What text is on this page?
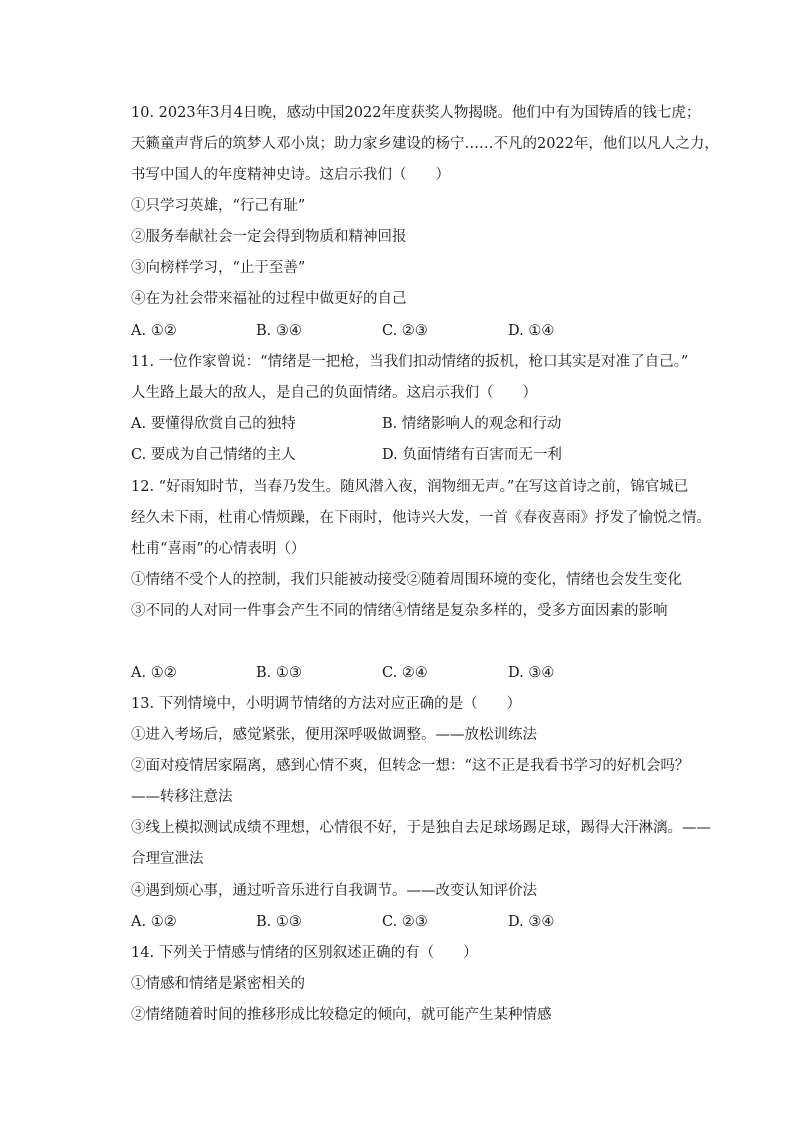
10. 2023年3月4日晚，感动中国2022年度获奖人物揭晓。他们中有为国铸盾的钱七虎；
天籁童声背后的筑梦人邓小岚；助力家乡建设的杨宁……不凡的2022年，他们以凡人之力，
书写中国人的年度精神史诗。这启示我们（　　）
①只学习英雄，“行己有耻”
②服务奉献社会一定会得到物质和精神回报
③向榜样学习，“止于至善”
④在为社会带来福祉的过程中做更好的自己
A. ①②	B. ③④	C. ②③	D. ①④
11. 一位作家曾说：“情绪是一把枪，当我们扣动情绪的扳机，枪口其实是对准了自己。”
人生路上最大的敌人，是自己的负面情绪。这启示我们（　　）
A. 要懂得欣赏自己的独特	B. 情绪影响人的观念和行动
C. 要成为自己情绪的主人	D. 负面情绪有百害而无一利
12. “好雨知时节，当春乃发生。随风潜入夜，润物细无声。”在写这首诗之前，锦官城已
经久未下雨，杜甫心情烦躁，在下雨时，他诗兴大发，一首《春夜喜雨》抒发了愉悦之情。
杜甫“喜雨”的心情表明（）
①情绪不受个人的控制，我们只能被动接受②随着周围环境的变化，情绪也会发生变化
③不同的人对同一件事会产生不同的情绪④情绪是复杂多样的，受多方面因素的影响
A. ①②	B. ①③	C. ②④	D. ③④
13. 下列情境中，小明调节情绪的方法对应正确的是（　　）
①进入考场后，感觉紧张，便用深呼吸做调整。——放松训练法
②面对疫情居家隔离，感到心情不爽，但转念一想：“这不正是我看书学习的好机会吗？
——转移注意法
③线上模拟测试成绩不理想，心情很不好，于是独自去足球场踢足球，踢得大汗淋漓。——
合理宣泄法
④遇到烦心事，通过听音乐进行自我调节。——改变认知评价法
A. ①②	B. ①③	C. ②③	D. ③④
14. 下列关于情感与情绪的区别叙述正确的有（　　）
①情感和情绪是紧密相关的
②情绪随着时间的推移形成比较稳定的倾向，就可能产生某种情感
